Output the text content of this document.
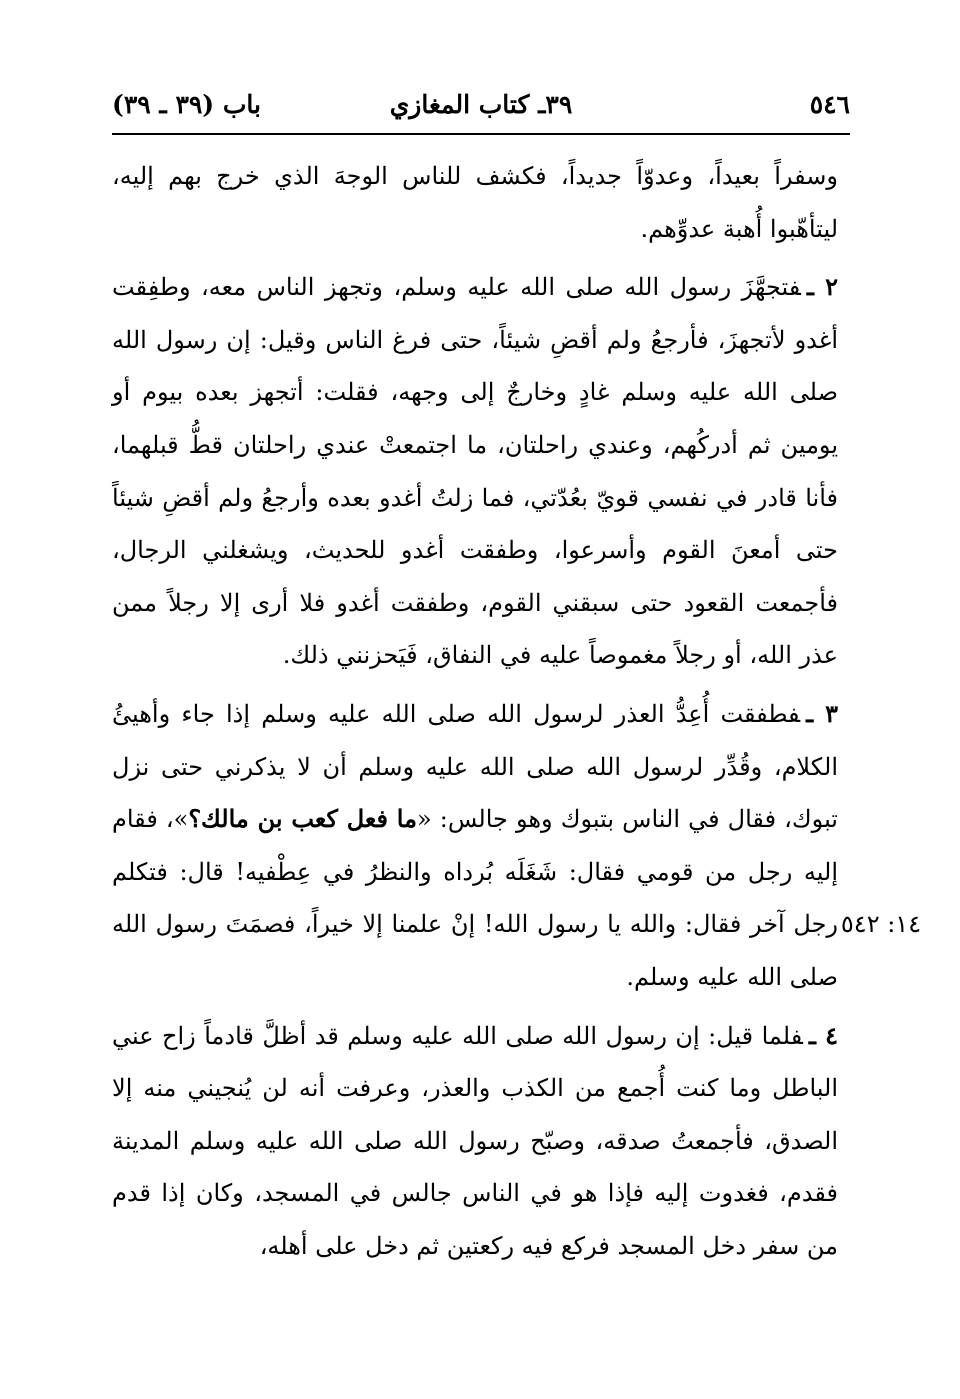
٥٤٦
٣٩ـ كتاب المغازي
باب (٣٩ ـ ٣٩)

وسفراً بعيداً، وعدوّاً جديداً، فكشف للناس الوجهَ الذي خرج بهم إليه، ليتأهّبوا أُهبة عدوِّهم.

٢ ـفتجهَّزَ رسول الله صلى الله عليه وسلم، وتجهز الناس معه، وطفِقت أغدو لأتجهزَ، فأرجعُ ولم أقضِ شيئاً، حتى فرغ الناس وقيل: إن رسول الله صلى الله عليه وسلم غادٍ وخارجٌ إلى وجهه، فقلت: أتجهز بعده بيوم أو يومين ثم أدركُهم، وعندي راحلتان، ما اجتمعتْ عندي راحلتان قطُّ قبلهما، فأنا قادر في نفسي قويّ بعُدّتي، فما زلتُ أغدو بعده وأرجعُ ولم أقضِ شيئاً حتى أمعنَ القوم وأسرعوا، وطفقت أغدو للحديث، ويشغلني الرجال، فأجمعت القعود حتى سبقني القوم، وطفقت أغدو فلا أرى إلا رجلاً ممن عذر الله، أو رجلاً مغموصاً عليه في النفاق، فَيَحزنني ذلك.

٣ ـفطفقت أُعِدُّ العذر لرسول الله صلى الله عليه وسلم إذا جاء وأهيئُ الكلام، وقُدِّر لرسول الله صلى الله عليه وسلم أن لا يذكرني حتى نزل تبوك، فقال في الناس بتبوك وهو جالس: «ما فعل كعب بن مالك؟»، فقام إليه رجل من قومي فقال: شَغَلَه بُرداه والنظرُ في عِطْفيه! قال: فتكلم رجل آخر فقال: والله يا رسول الله! إنْ علمنا إلا خيراً، فصمَتَ رسول الله صلى الله عليه وسلم.

٤ ـفلما قيل: إن رسول الله صلى الله عليه وسلم قد أظلَّ قادماً زاح عني الباطل وما كنت أُجمع من الكذب والعذر، وعرفت أنه لن يُنجيني منه إلا الصدق، فأجمعتُ صدقه، وصبّح رسول الله صلى الله عليه وسلم المدينة فقدم، فغدوت إليه فإذا هو في الناس جالس في المسجد، وكان إذا قدم من سفر دخل المسجد فركع فيه ركعتين ثم دخل على أهله،

١٤: ٥٤٢
